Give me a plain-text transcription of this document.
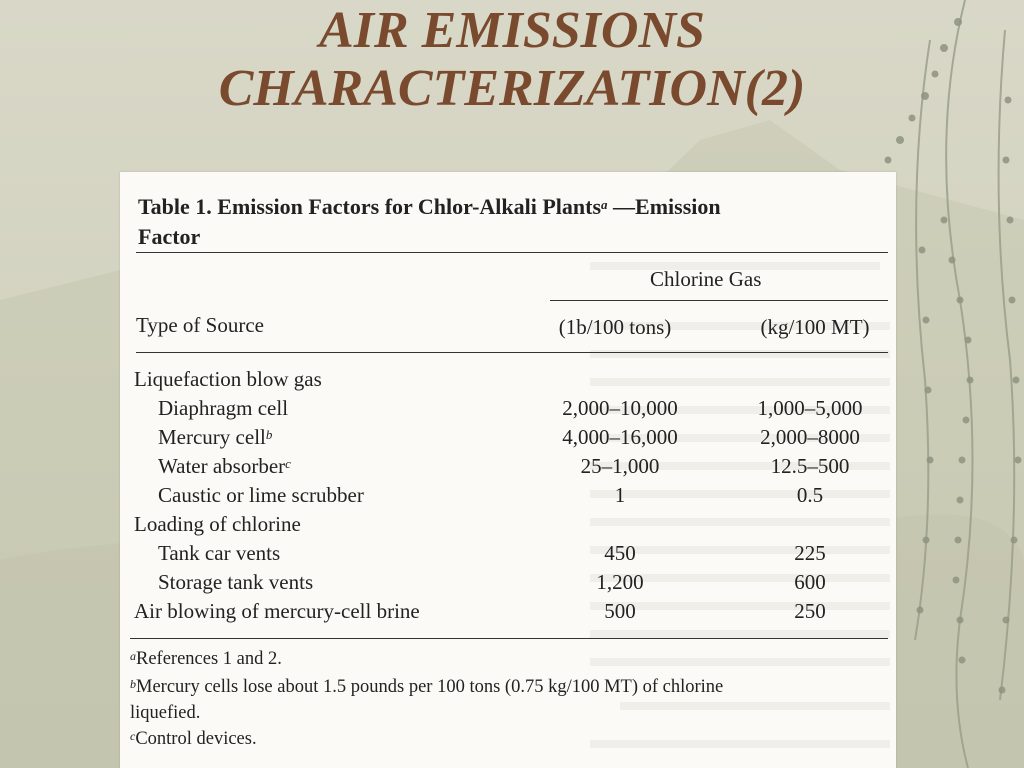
AIR EMISSIONS
CHARACTERIZATION(2)
Table 1. Emission Factors for Chlor-Alkali Plants$^a$ —Emission
Factor
Chlorine Gas
Type of Source	(1b/100 tons)	(kg/100 MT)
Liquefaction blow gas
Diaphragm cell	2,000–10,000	1,000–5,000
Mercury cell$^b$	4,000–16,000	2,000–8000
Water absorber$^c$	25–1,000	12.5–500
Caustic or lime scrubber	1	0.5
Loading of chlorine
Tank car vents	450	225
Storage tank vents	1,200	600
Air blowing of mercury-cell brine	500	250
$^a$References 1 and 2.
$^b$Mercury cells lose about 1.5 pounds per 100 tons (0.75 kg/100 MT) of chlorine
liquefied.
$^c$Control devices.
